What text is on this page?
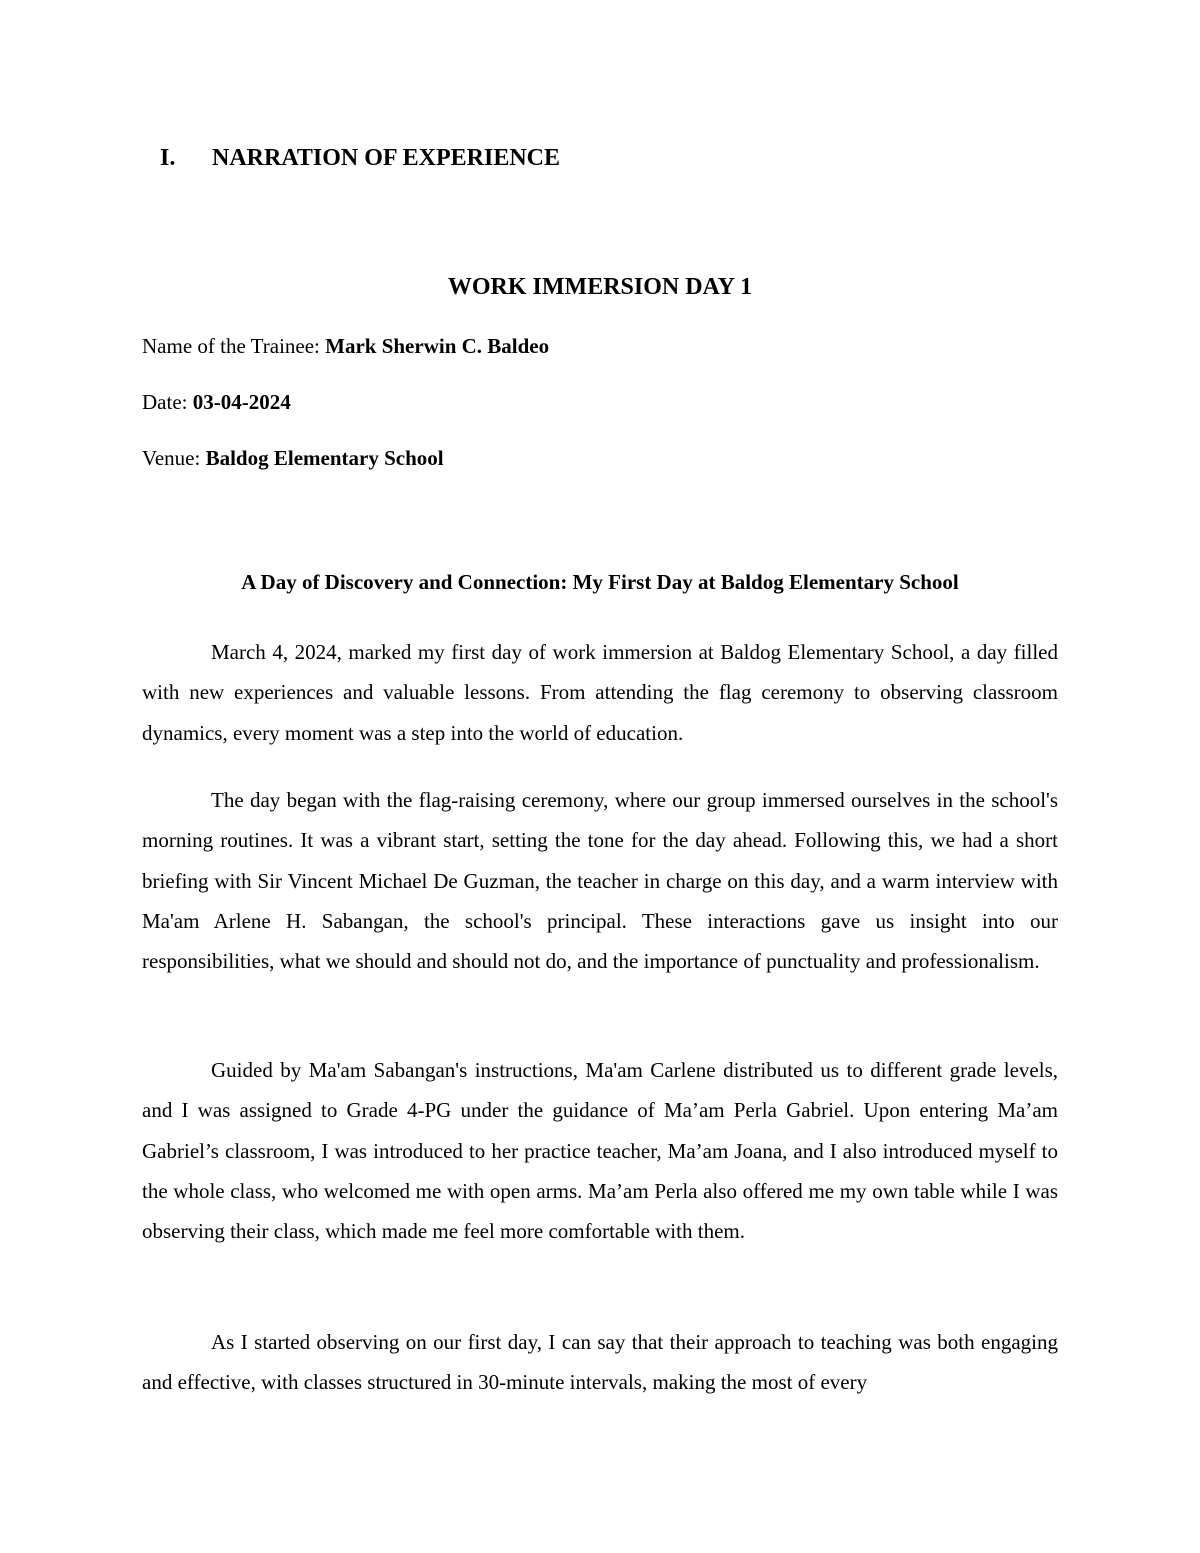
I. NARRATION OF EXPERIENCE
WORK IMMERSION DAY 1
Name of the Trainee: Mark Sherwin C. Baldeo
Date: 03-04-2024
Venue: Baldog Elementary School
A Day of Discovery and Connection: My First Day at Baldog Elementary School

March 4, 2024, marked my first day of work immersion at Baldog Elementary School, a day filled with new experiences and valuable lessons. From attending the flag ceremony to observing classroom dynamics, every moment was a step into the world of education.

The day began with the flag-raising ceremony, where our group immersed ourselves in the school's morning routines. It was a vibrant start, setting the tone for the day ahead. Following this, we had a short briefing with Sir Vincent Michael De Guzman, the teacher in charge on this day, and a warm interview with Ma'am Arlene H. Sabangan, the school's principal. These interactions gave us insight into our responsibilities, what we should and should not do, and the importance of punctuality and professionalism.

Guided by Ma'am Sabangan's instructions, Ma'am Carlene distributed us to different grade levels, and I was assigned to Grade 4-PG under the guidance of Ma’am Perla Gabriel. Upon entering Ma’am Gabriel’s classroom, I was introduced to her practice teacher, Ma’am Joana, and I also introduced myself to the whole class, who welcomed me with open arms. Ma’am Perla also offered me my own table while I was observing their class, which made me feel more comfortable with them.

As I started observing on our first day, I can say that their approach to teaching was both engaging and effective, with classes structured in 30-minute intervals, making the most of every
